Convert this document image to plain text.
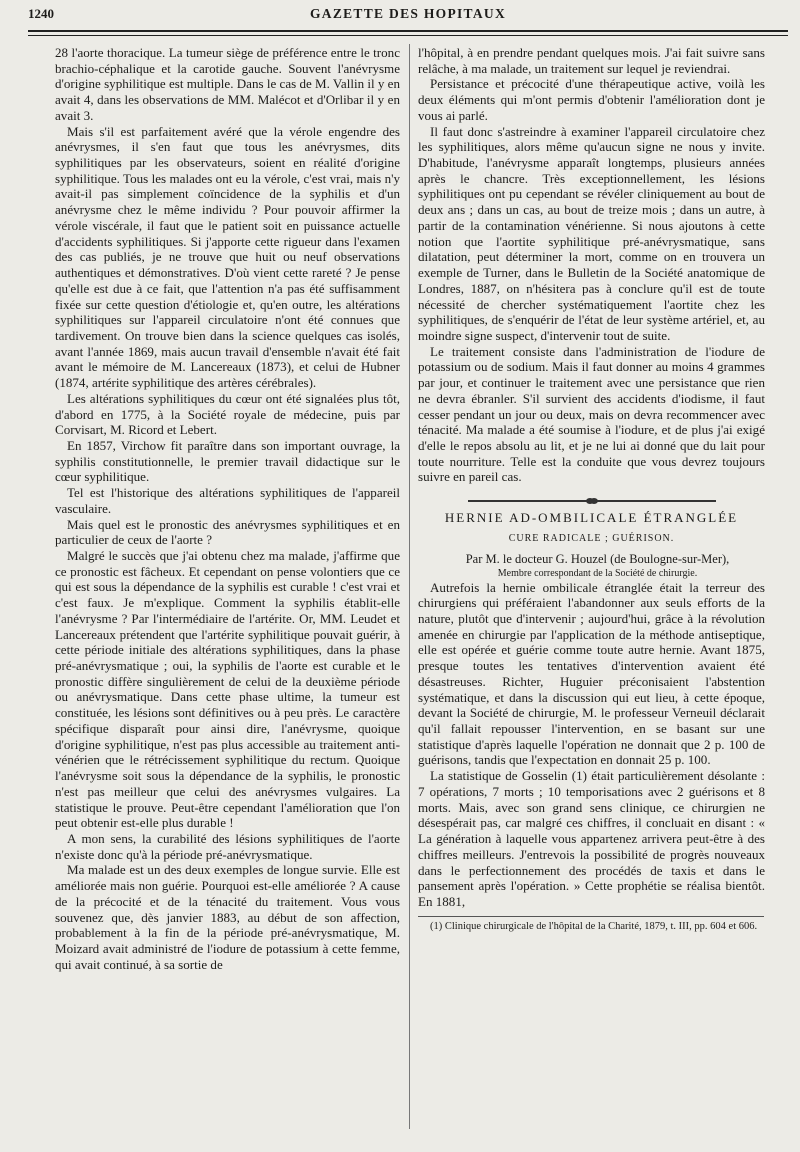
1240	GAZETTE DES HOPITAUX

28 l'aorte thoracique. La tumeur siège de préférence entre le tronc brachio-céphalique et la carotide gauche. Souvent l'anévrysme d'origine syphilitique est multiple. Dans le cas de M. Vallin il y en avait 4, dans les observations de MM. Malécot et d'Orlibar il y en avait 3.

Mais s'il est parfaitement avéré que la vérole engendre des anévrysmes, il s'en faut que tous les anévrysmes, dits syphilitiques par les observateurs, soient en réalité d'origine syphilitique. Tous les malades ont eu la vérole, c'est vrai, mais n'y avait-il pas simplement coïncidence de la syphilis et d'un anévrysme chez le même individu ? Pour pouvoir affirmer la vérole viscérale, il faut que le patient soit en puissance actuelle d'accidents syphilitiques. Si j'apporte cette rigueur dans l'examen des cas publiés, je ne trouve que huit ou neuf observations authentiques et démonstratives. D'où vient cette rareté ? Je pense qu'elle est due à ce fait, que l'attention n'a pas été suffisamment fixée sur cette question d'étiologie et, qu'en outre, les altérations syphilitiques sur l'appareil circulatoire n'ont été connues que tardivement. On trouve bien dans la science quelques cas isolés, avant l'année 1869, mais aucun travail d'ensemble n'avait été fait avant le mémoire de M. Lancereaux (1873), et celui de Hubner (1874, artérite syphilitique des artères cérébrales).

Les altérations syphilitiques du cœur ont été signalées plus tôt, d'abord en 1775, à la Société royale de médecine, puis par Corvisart, M. Ricord et Lebert.

En 1857, Virchow fit paraître dans son important ouvrage, la syphilis constitutionnelle, le premier travail didactique sur le cœur syphilitique.

Tel est l'historique des altérations syphilitiques de l'appareil vasculaire.

Mais quel est le pronostic des anévrysmes syphilitiques et en particulier de ceux de l'aorte ?

Malgré le succès que j'ai obtenu chez ma malade, j'affirme que ce pronostic est fâcheux. Et cependant on pense volontiers que ce qui est sous la dépendance de la syphilis est curable ! c'est vrai et c'est faux. Je m'explique. Comment la syphilis établit-elle l'anévrysme ? Par l'intermédiaire de l'artérite. Or, MM. Leudet et Lancereaux prétendent que l'artérite syphilitique pouvait guérir, à cette période initiale des altérations syphilitiques, dans la phase pré-anévrysmatique ; oui, la syphilis de l'aorte est curable et le pronostic diffère singulièrement de celui de la deuxième période ou anévrysmatique. Dans cette phase ultime, la tumeur est constituée, les lésions sont définitives ou à peu près. Le caractère spécifique disparaît pour ainsi dire, l'anévrysme, quoique d'origine syphilitique, n'est pas plus accessible au traitement anti-vénérien que le rétrécissement syphilitique du rectum. Quoique l'anévrysme soit sous la dépendance de la syphilis, le pronostic n'est pas meilleur que celui des anévrysmes vulgaires. La statistique le prouve. Peut-être cependant l'amélioration que l'on peut obtenir est-elle plus durable !

A mon sens, la curabilité des lésions syphilitiques de l'aorte n'existe donc qu'à la période pré-anévrysmatique.

Ma malade est un des deux exemples de longue survie. Elle est améliorée mais non guérie. Pourquoi est-elle améliorée ? A cause de la précocité et de la ténacité du traitement. Vous vous souvenez que, dès janvier 1883, au début de son affection, probablement à la fin de la période pré-anévrysmatique, M. Moizard avait administré de l'iodure de potassium à cette femme, qui avait continué, à sa sortie de

l'hôpital, à en prendre pendant quelques mois. J'ai fait suivre sans relâche, à ma malade, un traitement sur lequel je reviendrai.

Persistance et précocité d'une thérapeutique active, voilà les deux éléments qui m'ont permis d'obtenir l'amélioration dont je vous ai parlé.

Il faut donc s'astreindre à examiner l'appareil circulatoire chez les syphilitiques, alors même qu'aucun signe ne nous y invite. D'habitude, l'anévrysme apparaît longtemps, plusieurs années après le chancre. Très exceptionnellement, les lésions syphilitiques ont pu cependant se révéler cliniquement au bout de deux ans ; dans un cas, au bout de treize mois ; dans un autre, à partir de la contamination vénérienne. Si nous ajoutons à cette notion que l'aortite syphilitique pré-anévrysmatique, sans dilatation, peut déterminer la mort, comme on en trouvera un exemple de Turner, dans le Bulletin de la Société anatomique de Londres, 1887, on n'hésitera pas à conclure qu'il est de toute nécessité de chercher systématiquement l'aortite chez les syphilitiques, de s'enquérir de l'état de leur système artériel, et, au moindre signe suspect, d'intervenir tout de suite.

Le traitement consiste dans l'administration de l'iodure de potassium ou de sodium. Mais il faut donner au moins 4 grammes par jour, et continuer le traitement avec une persistance que rien ne devra ébranler. S'il survient des accidents d'iodisme, il faut cesser pendant un jour ou deux, mais on devra recommencer avec ténacité. Ma malade a été soumise à l'iodure, et de plus j'ai exigé d'elle le repos absolu au lit, et je ne lui ai donné que du lait pour toute nourriture. Telle est la conduite que vous devrez toujours suivre en pareil cas.

HERNIE AD-OMBILICALE ÉTRANGLÉE
CURE RADICALE ; GUÉRISON.

Par M. le docteur G. Houzel (de Boulogne-sur-Mer),

Membre correspondant de la Société de chirurgie.

Autrefois la hernie ombilicale étranglée était la terreur des chirurgiens qui préféraient l'abandonner aux seuls efforts de la nature, plutôt que d'intervenir ; aujourd'hui, grâce à la révolution amenée en chirurgie par l'application de la méthode antiseptique, elle est opérée et guérie comme toute autre hernie. Avant 1875, presque toutes les tentatives d'intervention avaient été désastreuses. Richter, Huguier préconisaient l'abstention systématique, et dans la discussion qui eut lieu, à cette époque, devant la Société de chirurgie, M. le professeur Verneuil déclarait qu'il fallait repousser l'intervention, en se basant sur une statistique d'après laquelle l'opération ne donnait que 2 p. 100 de guérisons, tandis que l'expectation en donnait 25 p. 100.

La statistique de Gosselin (1) était particulièrement désolante : 7 opérations, 7 morts ; 10 temporisations avec 2 guérisons et 8 morts. Mais, avec son grand sens clinique, ce chirurgien ne désespérait pas, car malgré ces chiffres, il concluait en disant : « La génération à laquelle vous appartenez arrivera peut-être à des chiffres meilleurs. J'entrevois la possibilité de progrès nouveaux dans le perfectionnement des procédés de taxis et dans le pansement après l'opération. » Cette prophétie se réalisa bientôt. En 1881,

(1) Clinique chirurgicale de l'hôpital de la Charité, 1879, t. III, pp. 604 et 606.
